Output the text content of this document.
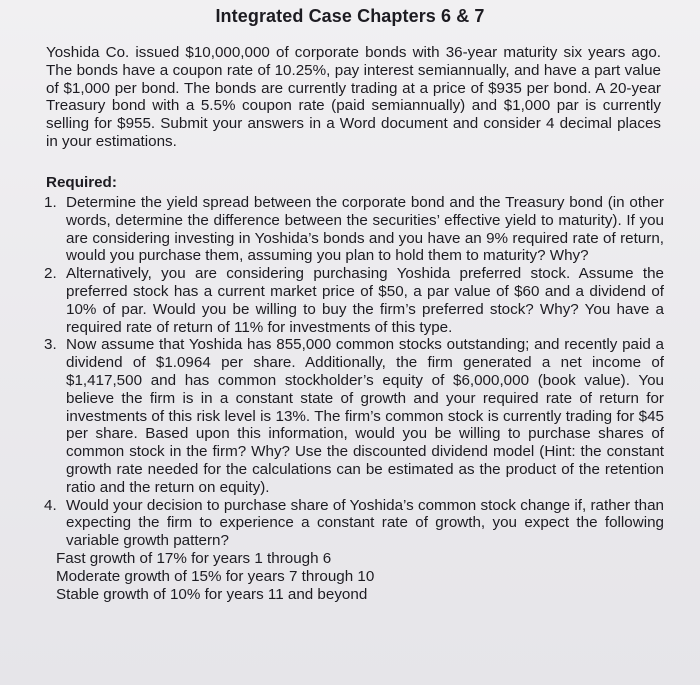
Integrated Case Chapters 6 & 7
Yoshida Co. issued $10,000,000 of corporate bonds with 36-year maturity six years ago. The bonds have a coupon rate of 10.25%, pay interest semiannually, and have a part value of $1,000 per bond. The bonds are currently trading at a price of $935 per bond. A 20-year Treasury bond with a 5.5% coupon rate (paid semiannually) and $1,000 par is currently selling for $955. Submit your answers in a Word document and consider 4 decimal places in your estimations.
Required:
1. Determine the yield spread between the corporate bond and the Treasury bond (in other words, determine the difference between the securities’ effective yield to maturity). If you are considering investing in Yoshida’s bonds and you have an 9% required rate of return, would you purchase them, assuming you plan to hold them to maturity? Why?
2. Alternatively, you are considering purchasing Yoshida preferred stock. Assume the preferred stock has a current market price of $50, a par value of $60 and a dividend of 10% of par. Would you be willing to buy the firm’s preferred stock? Why? You have a required rate of return of 11% for investments of this type.
3. Now assume that Yoshida has 855,000 common stocks outstanding; and recently paid a dividend of $1.0964 per share. Additionally, the firm generated a net income of $1,417,500 and has common stockholder’s equity of $6,000,000 (book value). You believe the firm is in a constant state of growth and your required rate of return for investments of this risk level is 13%. The firm’s common stock is currently trading for $45 per share. Based upon this information, would you be willing to purchase shares of common stock in the firm? Why? Use the discounted dividend model (Hint: the constant growth rate needed for the calculations can be estimated as the product of the retention ratio and the return on equity).
4. Would your decision to purchase share of Yoshida’s common stock change if, rather than expecting the firm to experience a constant rate of growth, you expect the following variable growth pattern?
Fast growth of 17% for years 1 through 6
Moderate growth of 15% for years 7 through 10
Stable growth of 10% for years 11 and beyond
